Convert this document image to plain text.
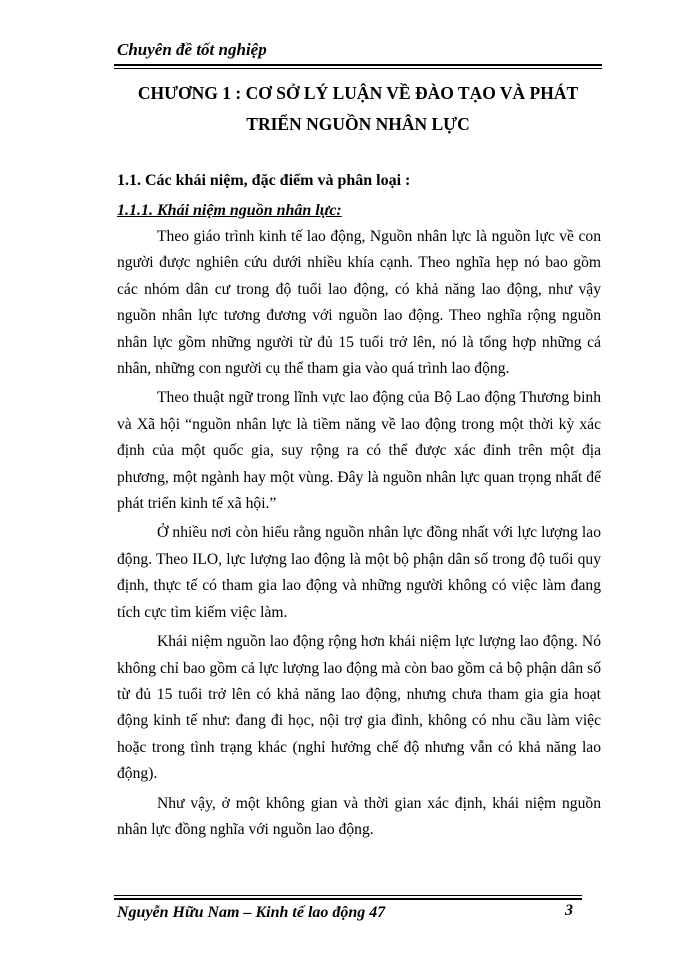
Chuyên đề tốt nghiệp
CHƯƠNG 1 : CƠ SỞ LÝ LUẬN VỀ ĐÀO TẠO VÀ PHÁT
TRIỂN NGUỒN NHÂN LỰC
1.1. Các khái niệm, đặc điểm và phân loại :
1.1.1. Khái niệm nguồn nhân lực:

Theo giáo trình kinh tế lao động, Nguồn nhân lực là nguồn lực về con người được nghiên cứu dưới nhiều khía cạnh. Theo nghĩa hẹp nó bao gồm các nhóm dân cư trong độ tuổi lao động, có khả năng lao động, như vậy nguồn nhân lực tương đương với nguồn lao động. Theo nghĩa rộng nguồn nhân lực gồm những người từ đủ 15 tuổi trở lên, nó là tổng hợp những cá nhân, những con người cụ thể tham gia vào quá trình lao động.

Theo thuật ngữ trong lĩnh vực lao động của Bộ Lao động Thương binh và Xã hội “nguồn nhân lực là tiềm năng về lao động trong một thời kỳ xác định của một quốc gia, suy rộng ra có thể được xác đinh trên một địa phương, một ngành hay một vùng. Đây là nguồn nhân lực quan trọng nhất để phát triển kinh tế xã hội.”

Ở nhiều nơi còn hiểu rằng nguồn nhân lực đồng nhất với lực lượng lao động. Theo ILO, lực lượng lao động là một bộ phận dân số trong độ tuổi quy định, thực tế có tham gia lao động và những người không có việc làm đang tích cực tìm kiếm việc làm.

Khái niệm nguồn lao động rộng hơn khái niệm lực lượng lao động. Nó không chỉ bao gồm cả lực lượng lao động mà còn bao gồm cả bộ phận dân số từ đủ 15 tuổi trở lên có khả năng lao động, nhưng chưa tham gia gia hoạt động kinh tế như: đang đi học, nội trợ gia đình, không có nhu cầu làm việc hoặc trong tình trạng khác (nghỉ hưởng chế độ nhưng vẫn có khả năng lao động).

Như vậy, ở một không gian và thời gian xác định, khái niệm nguồn nhân lực đồng nghĩa với nguồn lao động.

Nguyễn Hữu Nam – Kinh tế lao động 47	3
